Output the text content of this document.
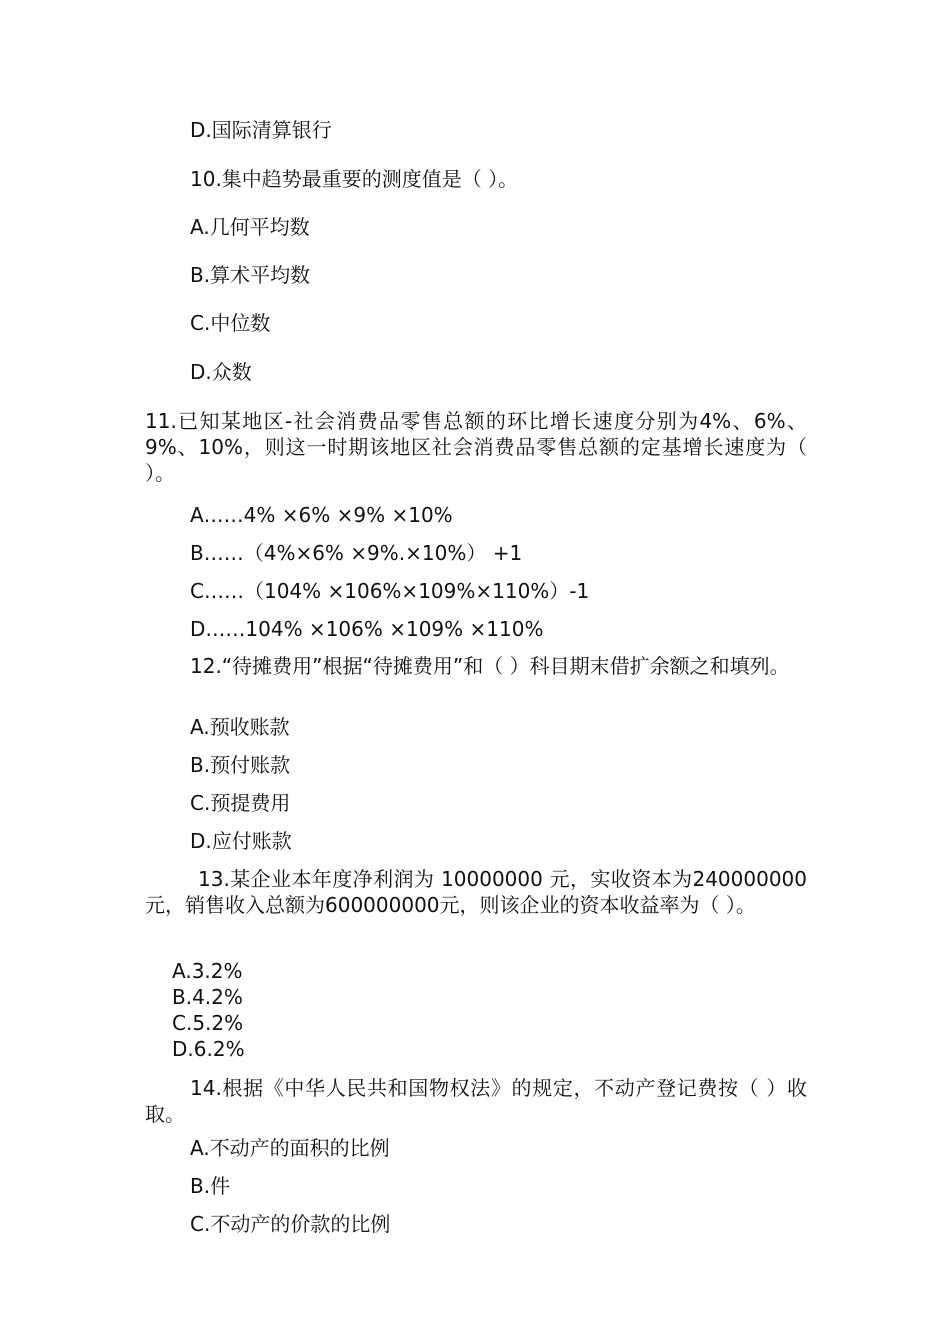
D.国际清算银行
10.集中趋势最重要的测度值是（ ）。
A.几何平均数
B.算术平均数
C.中位数
D.众数
11.已知某地区-社会消费品零售总额的环比增长速度分别为4%、6%、9%、10%，则这一时期该地区社会消费品零售总额的定基增长速度为（ ）。
A……4% ×6% ×9% ×10%
B……（4%×6% ×9%.×10%） +1
C……（104% ×106%×109%×110%）-1
D……104% ×106% ×109% ×110%
12.“待摊费用”根据“待摊费用”和（ ）科目期末借扩余额之和填列。
A.预收账款
B.预付账款
C.预提费用
D.应付账款
13.某企业本年度净利润为 10000000 元，实收资本为240000000元，销售收入总额为600000000元，则该企业的资本收益率为（ ）。
A.3.2%
B.4.2%
C.5.2%
D.6.2%
14.根据《中华人民共和国物权法》的规定，不动产登记费按（ ）收取。
A.不动产的面积的比例
B.件
C.不动产的价款的比例
